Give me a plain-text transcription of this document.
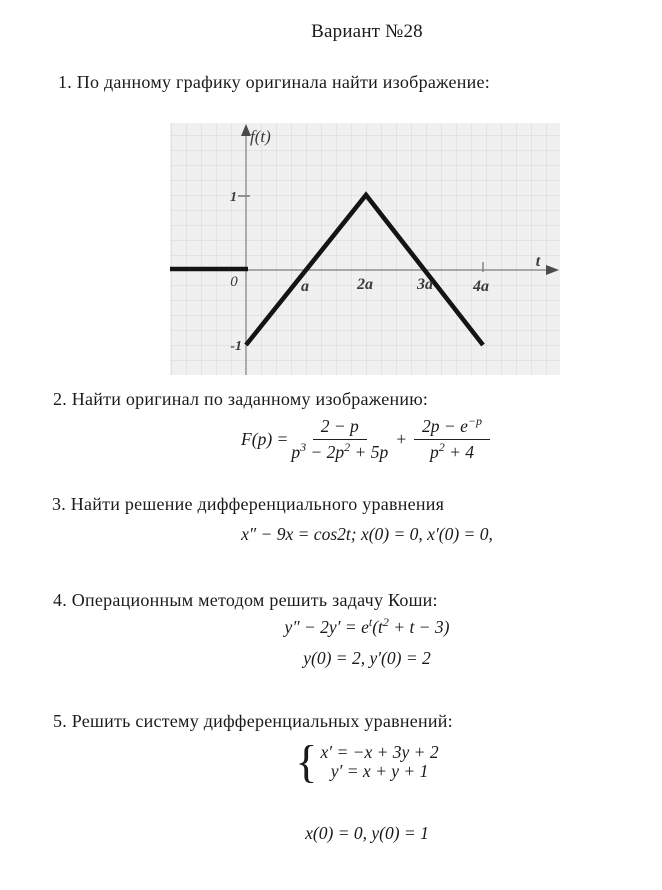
Вариант №28
1. По данному графику оригинала найти изображение:
f(t)
t
0	a	2a	3a	4a
1
-1
2. Найти оригинал по заданному изображению:
$F(p) = \frac{2 - p}{p^3 - 2p^2 + 5p} + \frac{2p - e^{-p}}{p^2 + 4}$
3. Найти решение дифференциального уравнения
x″ − 9x = cos2t; x(0) = 0, x′(0) = 0,
4. Операционным методом решить задачу Коши:
$y'' - 2y' = e^t(t^2 + t - 3)$
y(0) = 2, y′(0) = 2
5. Решить систему дифференциальных уравнений:
{ x′ = −x + 3y + 2
y′ = x + y + 1
x(0) = 0, y(0) = 1
